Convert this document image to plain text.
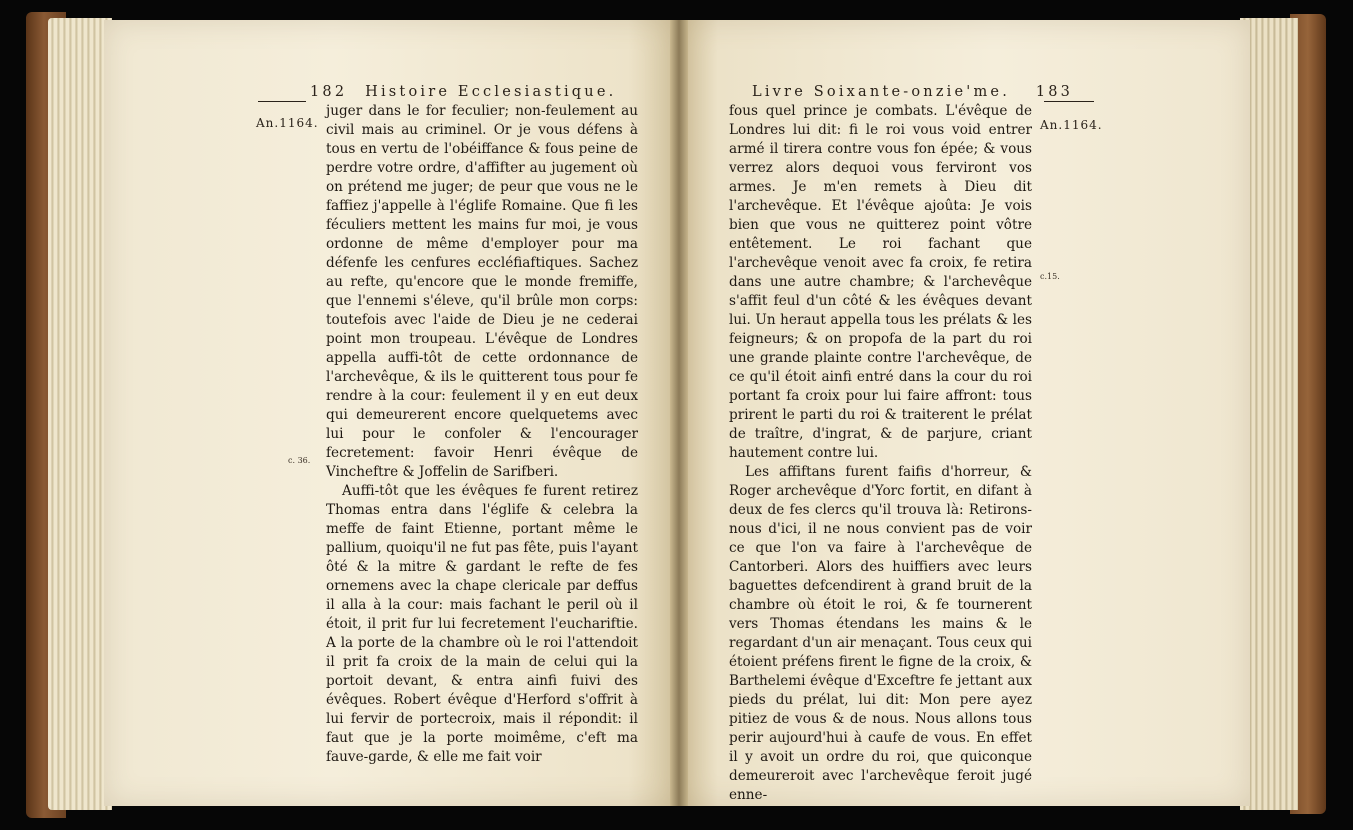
182 Histoire Ecclesiastique.
An.1164.
c. 36.

juger dans le for feculier; non-feulement au civil mais au criminel. Or je vous défens à tous en vertu de l'obéiffance & fous peine de perdre votre ordre, d'affifter au jugement où on prétend me juger; de peur que vous ne le faffiez j'appelle à l'églife Romaine. Que fi les féculiers mettent les mains fur moi, je vous ordonne de même d'employer pour ma défenfe les cenfures eccléfiaftiques. Sachez au refte, qu'encore que le monde fremiffe, que l'ennemi s'éleve, qu'il brûle mon corps: toutefois avec l'aide de Dieu je ne cederai point mon troupeau. L'évêque de Londres appella auffi-tôt de cette ordonnance de l'archevêque, & ils le quitterent tous pour fe rendre à la cour: feulement il y en eut deux qui demeurerent encore quelquetems avec lui pour le confoler & l'encourager fecretement: favoir Henri évêque de Vincheftre & Joffelin de Sarifberi.

Auffi-tôt que les évêques fe furent retirez Thomas entra dans l'églife & celebra la meffe de faint Etienne, portant même le pallium, quoiqu'il ne fut pas fête, puis l'ayant ôté & la mitre & gardant le refte de fes ornemens avec la chape clericale par deffus il alla à la cour: mais fachant le peril où il étoit, il prit fur lui fecretement l'euchariftie. A la porte de la chambre où le roi l'attendoit il prit fa croix de la main de celui qui la portoit devant, & entra ainfi fuivi des évêques. Robert évêque d'Herford s'offrit à lui fervir de portecroix, mais il répondit: il faut que je la porte moimême, c'eft ma fauve-garde, & elle me fait voir

Livre Soixante-onzie'me. 183
An.1164.
c.15.

fous quel prince je combats. L'évêque de Londres lui dit: fi le roi vous void entrer armé il tirera contre vous fon épée; & vous verrez alors dequoi vous ferviront vos armes. Je m'en remets à Dieu dit l'archevêque. Et l'évêque ajoûta: Je vois bien que vous ne quitterez point vôtre entêtement. Le roi fachant que l'archevêque venoit avec fa croix, fe retira dans une autre chambre; & l'archevêque s'affit feul d'un côté & les évêques devant lui. Un heraut appella tous les prélats & les feigneurs; & on propofa de la part du roi une grande plainte contre l'archevêque, de ce qu'il étoit ainfi entré dans la cour du roi portant fa croix pour lui faire affront: tous prirent le parti du roi & traiterent le prélat de traître, d'ingrat, & de parjure, criant hautement contre lui.

Les affiftans furent faifis d'horreur, & Roger archevêque d'Yorc fortit, en difant à deux de fes clercs qu'il trouva là: Retirons-nous d'ici, il ne nous convient pas de voir ce que l'on va faire à l'archevêque de Cantorberi. Alors des huiffiers avec leurs baguettes defcendirent à grand bruit de la chambre où étoit le roi, & fe tournerent vers Thomas étendans les mains & le regardant d'un air menaçant. Tous ceux qui étoient préfens firent le figne de la croix, & Barthelemi évêque d'Exceftre fe jettant aux pieds du prélat, lui dit: Mon pere ayez pitiez de vous & de nous. Nous allons tous perir aujourd'hui à caufe de vous. En effet il y avoit un ordre du roi, que quiconque demeureroit avec l'archevêque feroit jugé enne-
